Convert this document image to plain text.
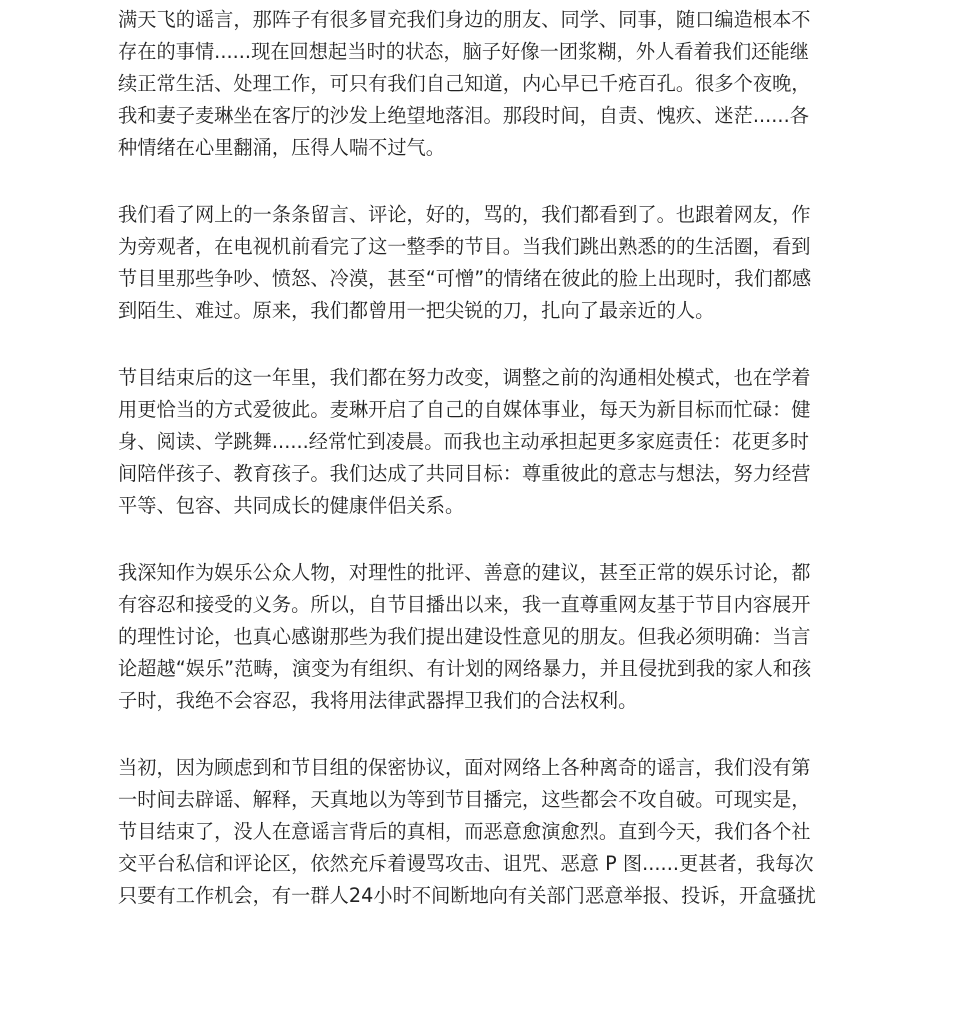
满天飞的谣言，那阵子有很多冒充我们身边的朋友、同学、同事，随口编造根本不
存在的事情......现在回想起当时的状态，脑子好像一团浆糊，外人看着我们还能继
续正常生活、处理工作，可只有我们自己知道，内心早已千疮百孔。很多个夜晚，
我和妻子麦琳坐在客厅的沙发上绝望地落泪。那段时间，自责、愧疚、迷茫......各
种情绪在心里翻涌，压得人喘不过气。
我们看了网上的一条条留言、评论，好的，骂的，我们都看到了。也跟着网友，作
为旁观者，在电视机前看完了这一整季的节目。当我们跳出熟悉的的生活圈，看到
节目里那些争吵、愤怒、冷漠，甚至“可憎”的情绪在彼此的脸上出现时，我们都感
到陌生、难过。原来，我们都曾用一把尖锐的刀，扎向了最亲近的人。
节目结束后的这一年里，我们都在努力改变，调整之前的沟通相处模式，也在学着
用更恰当的方式爱彼此。麦琳开启了自己的自媒体事业，每天为新目标而忙碌：健
身、阅读、学跳舞......经常忙到凌晨。而我也主动承担起更多家庭责任：花更多时
间陪伴孩子、教育孩子。我们达成了共同目标：尊重彼此的意志与想法，努力经营
平等、包容、共同成长的健康伴侣关系。
我深知作为娱乐公众人物，对理性的批评、善意的建议，甚至正常的娱乐讨论，都
有容忍和接受的义务。所以，自节目播出以来，我一直尊重网友基于节目内容展开
的理性讨论，也真心感谢那些为我们提出建设性意见的朋友。但我必须明确：当言
论超越“娱乐”范畴，演变为有组织、有计划的网络暴力，并且侵扰到我的家人和孩
子时，我绝不会容忍，我将用法律武器捍卫我们的合法权利。
当初，因为顾虑到和节目组的保密协议，面对网络上各种离奇的谣言，我们没有第
一时间去辟谣、解释，天真地以为等到节目播完，这些都会不攻自破。可现实是，
节目结束了，没人在意谣言背后的真相，而恶意愈演愈烈。直到今天，我们各个社
交平台私信和评论区，依然充斥着谩骂攻击、诅咒、恶意 P 图......更甚者，我每次
只要有工作机会，有一群人24小时不间断地向有关部门恶意举报、投诉，开盒骚扰
